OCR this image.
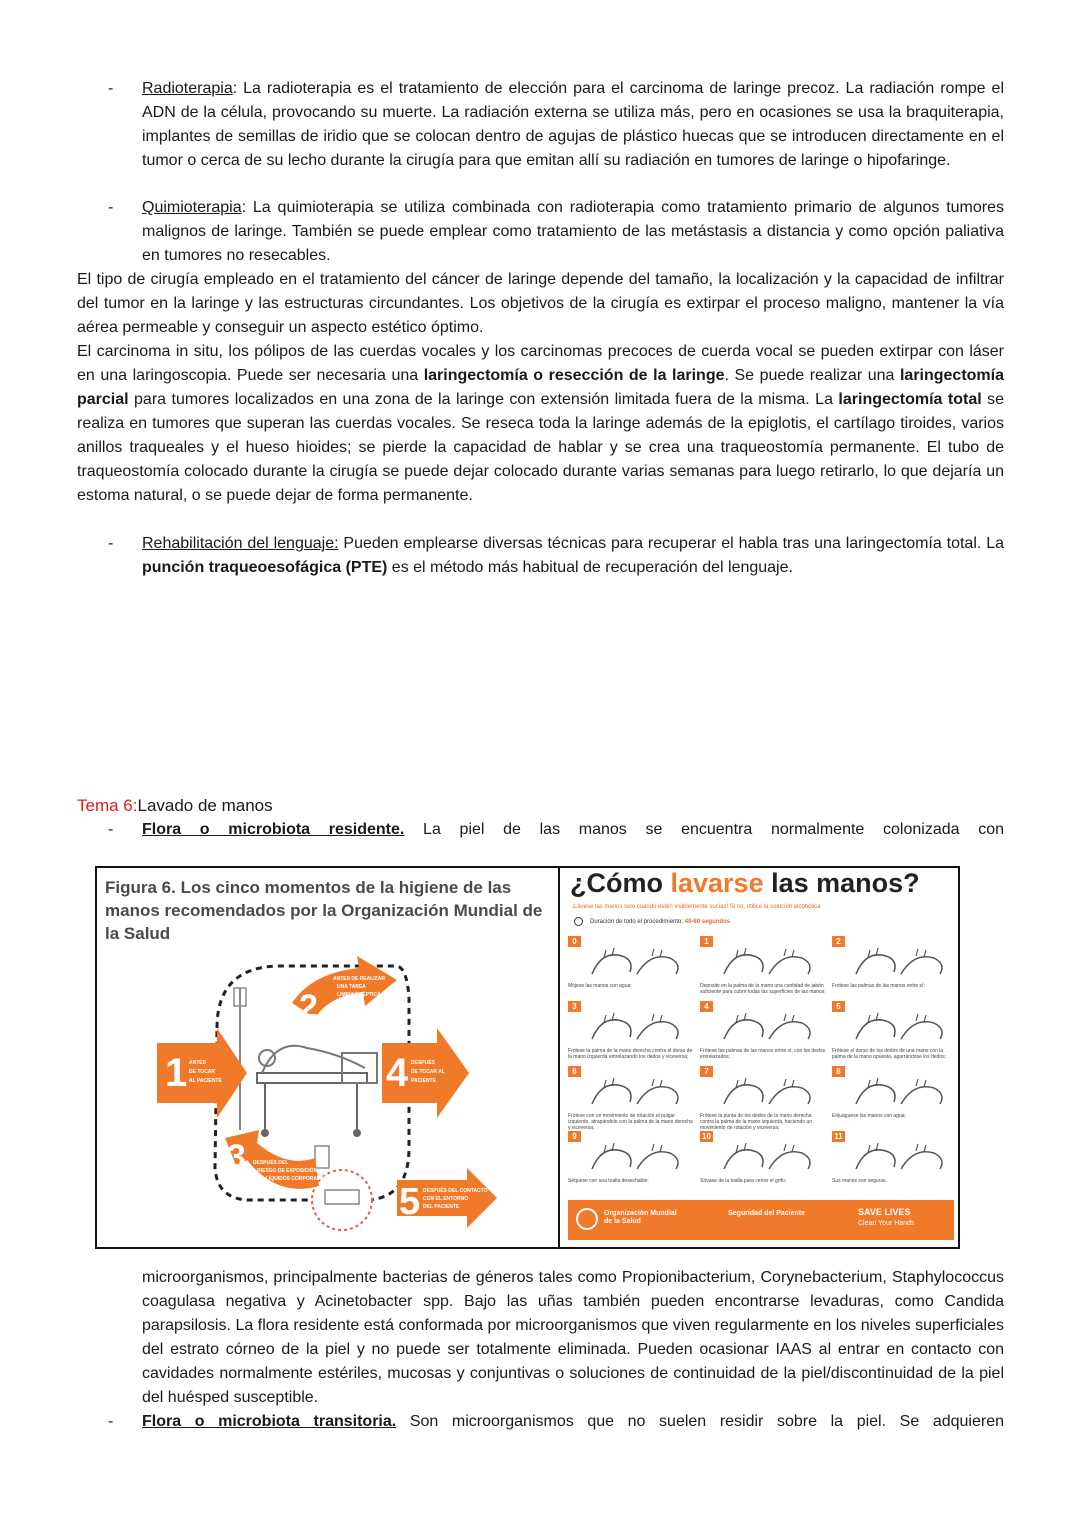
- Radioterapia: La radioterapia es el tratamiento de elección para el carcinoma de laringe precoz. La radiación rompe el ADN de la célula, provocando su muerte. La radiación externa se utiliza más, pero en ocasiones se usa la braquiterapia, implantes de semillas de iridio que se colocan dentro de agujas de plástico huecas que se introducen directamente en el tumor o cerca de su lecho durante la cirugía para que emitan allí su radiación en tumores de laringe o hipofaringe.

- Quimioterapia: La quimioterapia se utiliza combinada con radioterapia como tratamiento primario de algunos tumores malignos de laringe. También se puede emplear como tratamiento de las metástasis a distancia y como opción paliativa en tumores no resecables.

El tipo de cirugía empleado en el tratamiento del cáncer de laringe depende del tamaño, la localización y la capacidad de infiltrar del tumor en la laringe y las estructuras circundantes. Los objetivos de la cirugía es extirpar el proceso maligno, mantener la vía aérea permeable y conseguir un aspecto estético óptimo.

El carcinoma in situ, los pólipos de las cuerdas vocales y los carcinomas precoces de cuerda vocal se pueden extirpar con láser en una laringoscopia. Puede ser necesaria una laringectomía o resección de la laringe. Se puede realizar una laringectomía parcial para tumores localizados en una zona de la laringe con extensión limitada fuera de la misma. La laringectomía total se realiza en tumores que superan las cuerdas vocales. Se reseca toda la laringe además de la epiglotis, el cartílago tiroides, varios anillos traqueales y el hueso hioides; se pierde la capacidad de hablar y se crea una traqueostomía permanente. El tubo de traqueostomía colocado durante la cirugía se puede dejar colocado durante varias semanas para luego retirarlo, lo que dejaría un estoma natural, o se puede dejar de forma permanente.

- Rehabilitación del lenguaje: Pueden emplearse diversas técnicas para recuperar el habla tras una laringectomía total. La punción traqueoesofágica (PTE) es el método más habitual de recuperación del lenguaje.

Tema 6:Lavado de manos

- Flora o microbiota residente. La piel de las manos se encuentra normalmente colonizada con

Figura 6. Los cinco momentos de la higiene de las manos recomendados por la Organización Mundial de la Salud
1 ANTES
DE TOCAR
AL PACIENTE
2
ANTES DE REALIZAR
UNA TAREA
LIMPIA/ASÉPTICA
4 DESPUÉS
DE TOCAR AL
PACIENTE
3 DESPUÉS DEL
RIESGO DE EXPOSICIÓN
A LÍQUIDOS CORPORALES
5 DESPUÉS DEL CONTACTO
CON EL ENTORNO
DEL PACIENTE
¿Cómo lavarse las manos?
¡Lávese las manos solo cuando estén visiblemente sucias! Si no, utilice la solución alcohólica
Duración de todo el procedimiento: 40-60 segundos
0
Mójese las manos con agua;
1
Deposite en la palma de la mano una cantidad de jabón suficiente para cubrir todas las superficies de las manos;
2
Frótese las palmas de las manos entre sí;
3
Frótese la palma de la mano derecha contra el dorso de la mano izquierda entrelazando los dedos y viceversa;
4
Frótese las palmas de las manos entre sí, con los dedos entrelazados;
5
Frótese el dorso de los dedos de una mano con la palma de la mano opuesta, agarrándose los dedos;
6
Frótese con un movimiento de rotación el pulgar izquierdo, atrapándolo con la palma de la mano derecha y viceversa;
7
Frótese la punta de los dedos de la mano derecha contra la palma de la mano izquierda, haciendo un movimiento de rotación y viceversa;
8
Enjuáguese las manos con agua;
9
Séquese con una toalla desechable;
10
Sírvase de la toalla para cerrar el grifo;
11
Sus manos son seguras.
Organización Mundial de la Salud
Seguridad del Paciente	SAVE LIVES
Clean Your Hands

microorganismos, principalmente bacterias de géneros tales como Propionibacterium, Corynebacterium, Staphylococcus coagulasa negativa y Acinetobacter spp. Bajo las uñas también pueden encontrarse levaduras, como Candida parapsilosis. La flora residente está conformada por microorganismos que viven regularmente en los niveles superficiales del estrato córneo de la piel y no puede ser totalmente eliminada. Pueden ocasionar IAAS al entrar en contacto con cavidades normalmente estériles, mucosas y conjuntivas o soluciones de continuidad de la piel/discontinuidad de la piel del huésped susceptible.

- Flora o microbiota transitoria. Son microorganismos que no suelen residir sobre la piel. Se adquieren
